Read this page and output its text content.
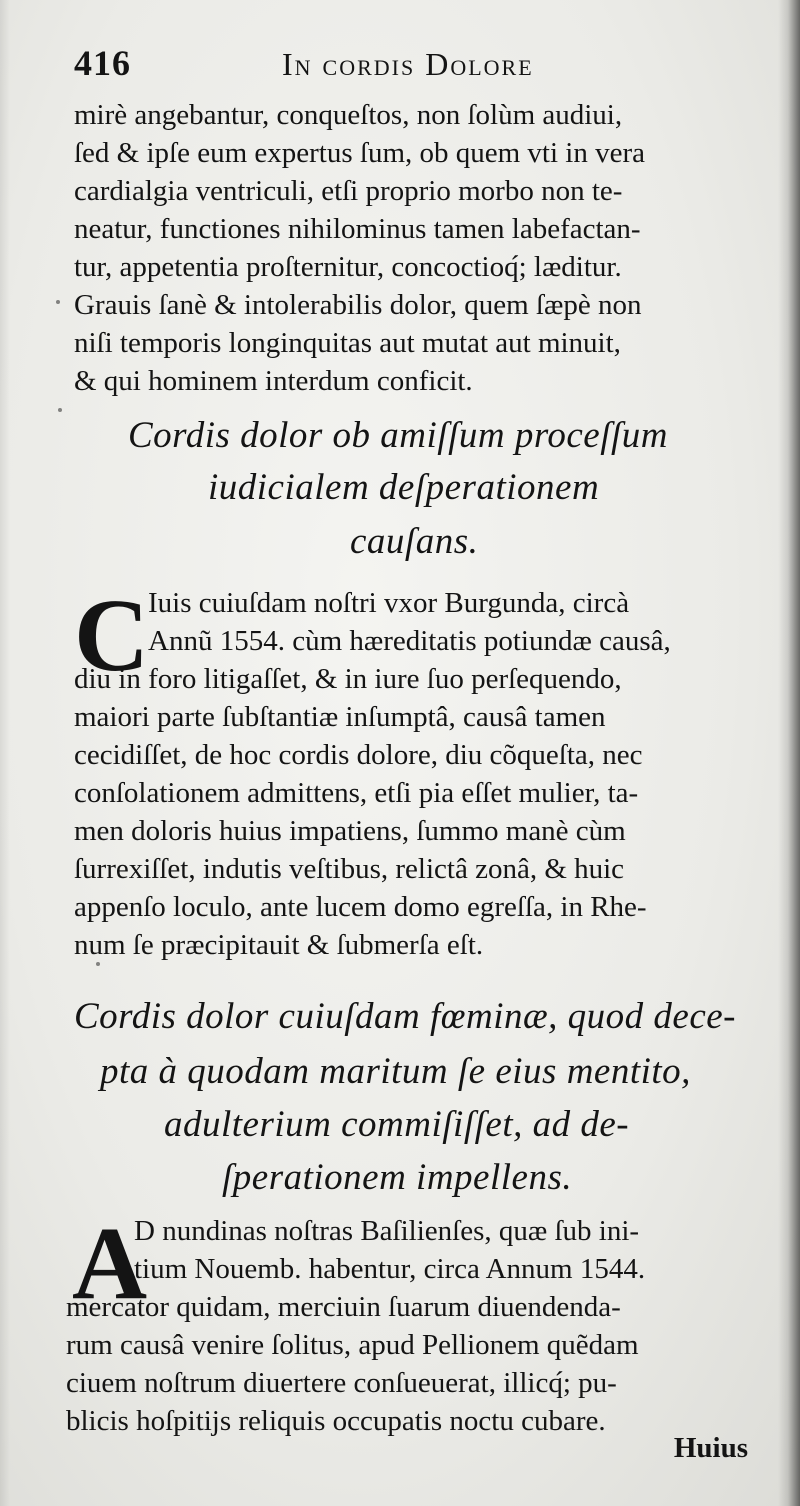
416	In cordis Dolore
mirè angebantur, conqueſtos, non ſolùm audiui,
ſed & ipſe eum expertus ſum, ob quem vti in vera
cardialgia ventriculi, etſi proprio morbo non te-
neatur, functiones nihilominus tamen labefactan-
tur, appetentia proſternitur, concoctioq́; læditur.
Grauis ſanè & intolerabilis dolor, quem ſæpè non
niſi temporis longinquitas aut mutat aut minuit,
& qui hominem interdum conficit.
Cordis dolor ob amiſſum proceſſum
iudicialem deſperationem
cauſans.
C
Iuis cuiuſdam noſtri vxor Burgunda, circà
Annũ 1554. cùm hæreditatis potiundæ causâ,
diu in foro litigaſſet, & in iure ſuo perſequendo,
maiori parte ſubſtantiæ inſumptâ, causâ tamen
cecidiſſet, de hoc cordis dolore, diu cõqueſta, nec
conſolationem admittens, etſi pia eſſet mulier, ta-
men doloris huius impatiens, ſummo manè cùm
ſurrexiſſet, indutis veſtibus, relictâ zonâ, & huic
appenſo loculo, ante lucem domo egreſſa, in Rhe-
num ſe præcipitauit & ſubmerſa eſt.
Cordis dolor cuiuſdam fœminæ, quod dece-
pta à quodam maritum ſe eius mentito,
adulterium commiſiſſet, ad de-
ſperationem impellens.
A
D nundinas noſtras Baſilienſes, quæ ſub ini-
tium Nouemb. habentur, circa Annum 1544.
mercator quidam, merciuin ſuarum diuendenda-
rum causâ venire ſolitus, apud Pellionem quẽdam
ciuem noſtrum diuertere conſueuerat, illicq́; pu-
blicis hoſpitijs reliquis occupatis noctu cubare.
Huius
